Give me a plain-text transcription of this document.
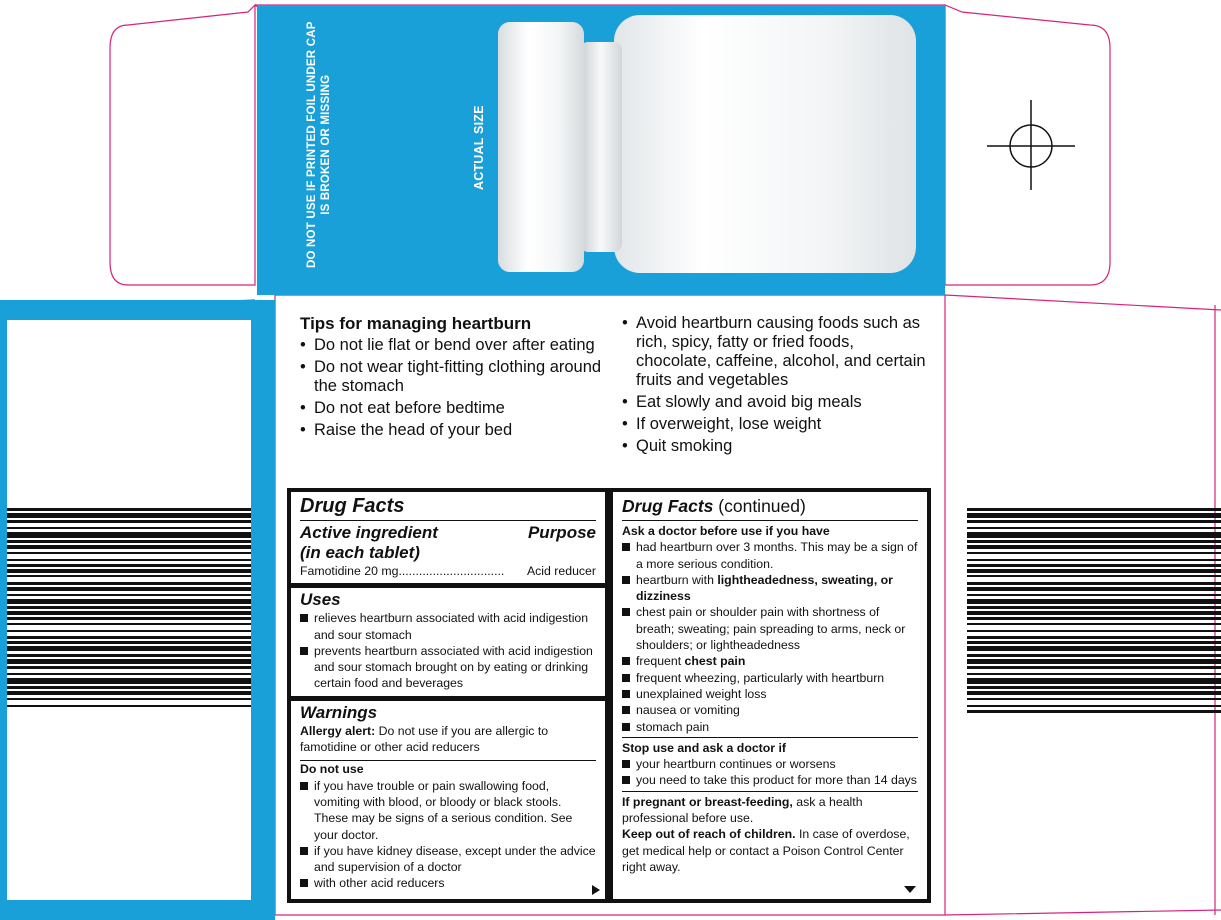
DO NOT USE IF PRINTED FOIL UNDER CAP IS BROKEN OR MISSING	ACTUAL SIZE
Tips for managing heartburn
• Do not lie flat or bend over after eating
• Do not wear tight-fitting clothing around the stomach
• Do not eat before bedtime
• Raise the head of your bed
• Avoid heartburn causing foods such as rich, spicy, fatty or fried foods, chocolate, caffeine, alcohol, and certain fruits and vegetables
• Eat slowly and avoid big meals
• If overweight, lose weight
• Quit smoking
Drug Facts
Active ingredient	Purpose
(in each tablet)
Famotidine 20 mg ...............................	Acid reducer
Uses
relieves heartburn associated with acid indigestion and sour stomach
prevents heartburn associated with acid indigestion and sour stomach brought on by eating or drinking certain food and beverages
Warnings
Allergy alert: Do not use if you are allergic to famotidine or other acid reducers
Do not use
if you have trouble or pain swallowing food, vomiting with blood, or bloody or black stools. These may be signs of a serious condition. See your doctor.
if you have kidney disease, except under the advice and supervision of a doctor
with other acid reducers
Drug Facts (continued)
Ask a doctor before use if you have
had heartburn over 3 months. This may be a sign of a more serious condition.
heartburn with lightheadedness, sweating, or dizziness
chest pain or shoulder pain with shortness of breath; sweating; pain spreading to arms, neck or shoulders; or lightheadedness
frequent chest pain
frequent wheezing, particularly with heartburn
unexplained weight loss
nausea or vomiting
stomach pain
Stop use and ask a doctor if
your heartburn continues or worsens
you need to take this product for more than 14 days
If pregnant or breast-feeding, ask a health professional before use.
Keep out of reach of children. In case of overdose, get medical help or contact a Poison Control Center right away.
